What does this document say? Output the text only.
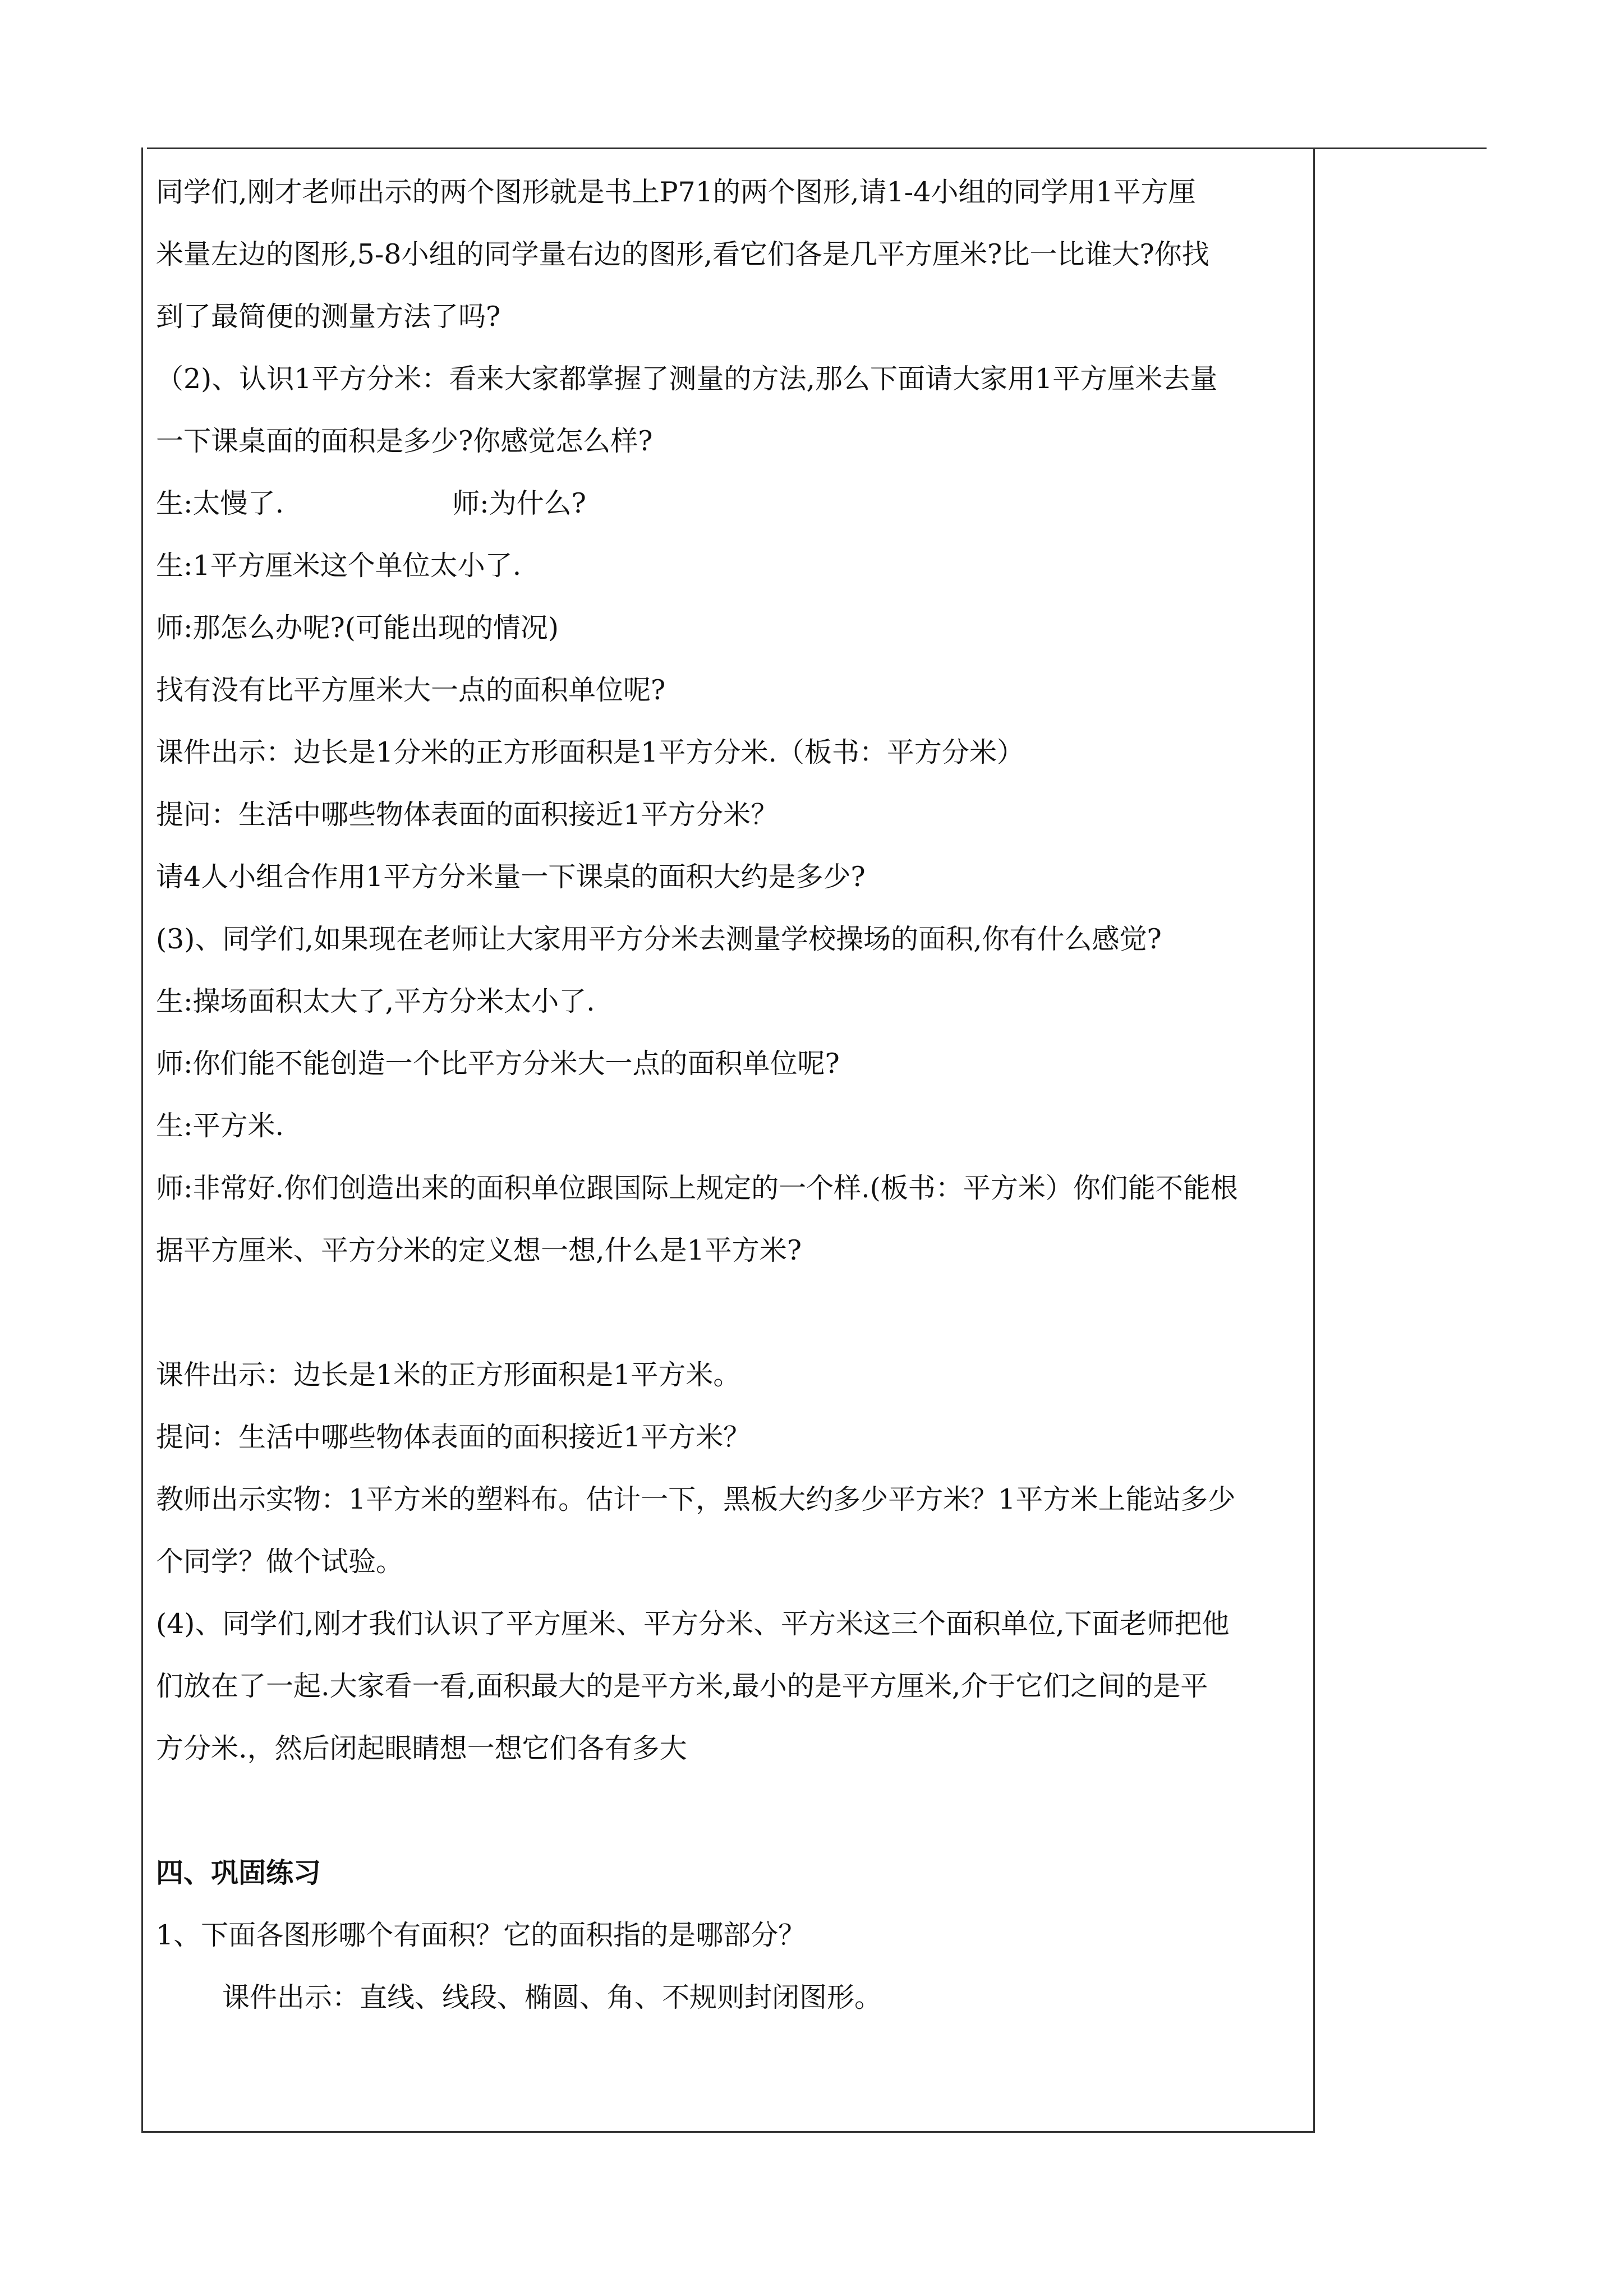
同学们,刚才老师出示的两个图形就是书上P71的两个图形,请1-4小组的同学用1平方厘
米量左边的图形,5-8小组的同学量右边的图形,看它们各是几平方厘米?比一比谁大?你找
到了最简便的测量方法了吗?
（2)、认识1平方分米：看来大家都掌握了测量的方法,那么下面请大家用1平方厘米去量
一下课桌面的面积是多少?你感觉怎么样?
生:太慢了.	师:为什么?
生:1平方厘米这个单位太小了.
师:那怎么办呢?(可能出现的情况)
找有没有比平方厘米大一点的面积单位呢?
课件出示：边长是1分米的正方形面积是1平方分米.（板书：平方分米）
提问：生活中哪些物体表面的面积接近1平方分米？
请4人小组合作用1平方分米量一下课桌的面积大约是多少?
(3)、同学们,如果现在老师让大家用平方分米去测量学校操场的面积,你有什么感觉?
生:操场面积太大了,平方分米太小了.
师:你们能不能创造一个比平方分米大一点的面积单位呢?
生:平方米.
师:非常好.你们创造出来的面积单位跟国际上规定的一个样.(板书：平方米）你们能不能根
据平方厘米、平方分米的定义想一想,什么是1平方米?
课件出示：边长是1米的正方形面积是1平方米。
提问：生活中哪些物体表面的面积接近1平方米？
教师出示实物：1平方米的塑料布。估计一下，黑板大约多少平方米？1平方米上能站多少
个同学？做个试验。
(4)、同学们,刚才我们认识了平方厘米、平方分米、平方米这三个面积单位,下面老师把他
们放在了一起.大家看一看,面积最大的是平方米,最小的是平方厘米,介于它们之间的是平
方分米.，然后闭起眼睛想一想它们各有多大
四、巩固练习
1、下面各图形哪个有面积？它的面积指的是哪部分？
课件出示：直线、线段、椭圆、角、不规则封闭图形。
